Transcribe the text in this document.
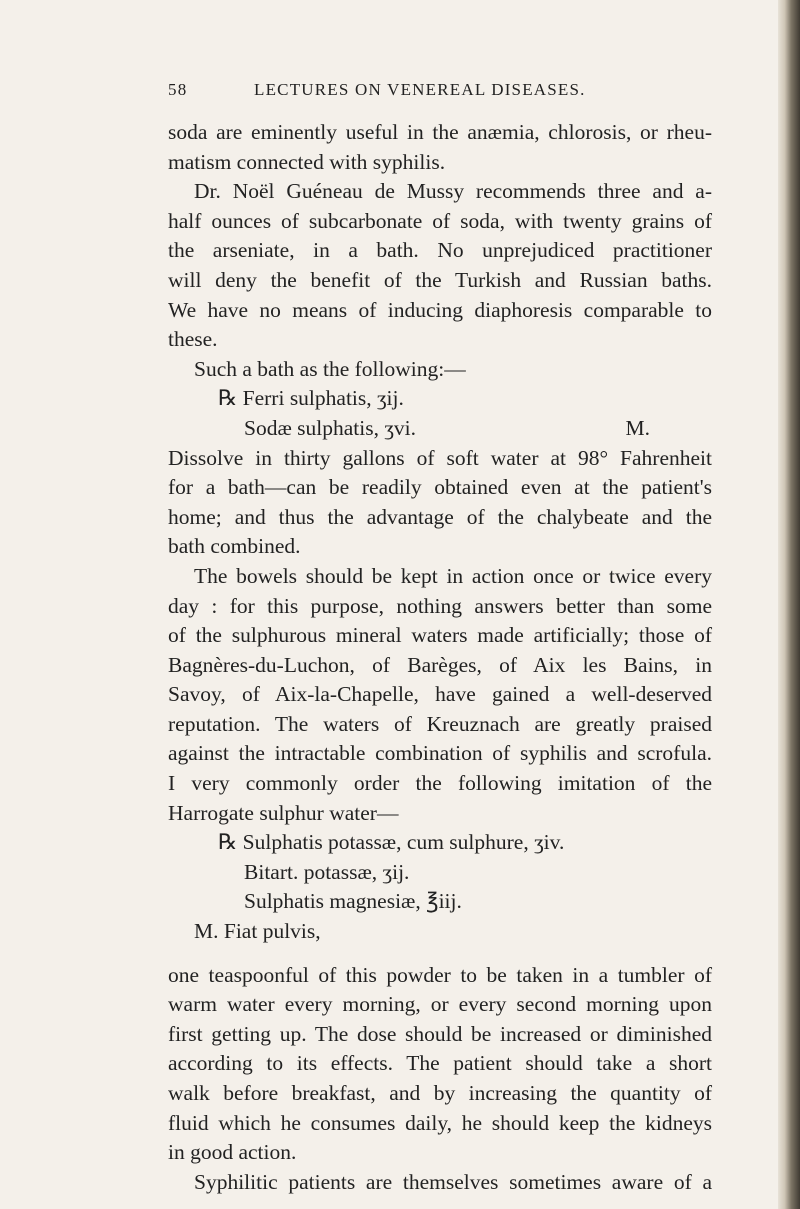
58	LECTURES ON VENEREAL DISEASES.
soda are eminently useful in the anæmia, chlorosis, or rheu-
matism connected with syphilis.
Dr. Noël Guéneau de Mussy recommends three and a-
half ounces of subcarbonate of soda, with twenty grains of
the arseniate, in a bath. No unprejudiced practitioner
will deny the benefit of the Turkish and Russian baths.
We have no means of inducing diaphoresis comparable to
these.
Such a bath as the following:—
℞ Ferri sulphatis, ʒij.
Sodæ sulphatis, ʒvi.	M.
Dissolve in thirty gallons of soft water at 98° Fahrenheit
for a bath—can be readily obtained even at the patient's
home; and thus the advantage of the chalybeate and the
bath combined.
The bowels should be kept in action once or twice every
day : for this purpose, nothing answers better than some
of the sulphurous mineral waters made artificially; those of
Bagnères-du-Luchon, of Barèges, of Aix les Bains, in
Savoy, of Aix-la-Chapelle, have gained a well-deserved
reputation. The waters of Kreuznach are greatly praised
against the intractable combination of syphilis and scrofula.
I very commonly order the following imitation of the
Harrogate sulphur water—
℞ Sulphatis potassæ, cum sulphure, ʒiv.
Bitart. potassæ, ʒij.
Sulphatis magnesiæ, ℥iij.
M. Fiat pulvis,
one teaspoonful of this powder to be taken in a tumbler of
warm water every morning, or every second morning upon
first getting up. The dose should be increased or diminished
according to its effects. The patient should take a short
walk before breakfast, and by increasing the quantity of
fluid which he consumes daily, he should keep the kidneys
in good action.
Syphilitic patients are themselves sometimes aware of a
